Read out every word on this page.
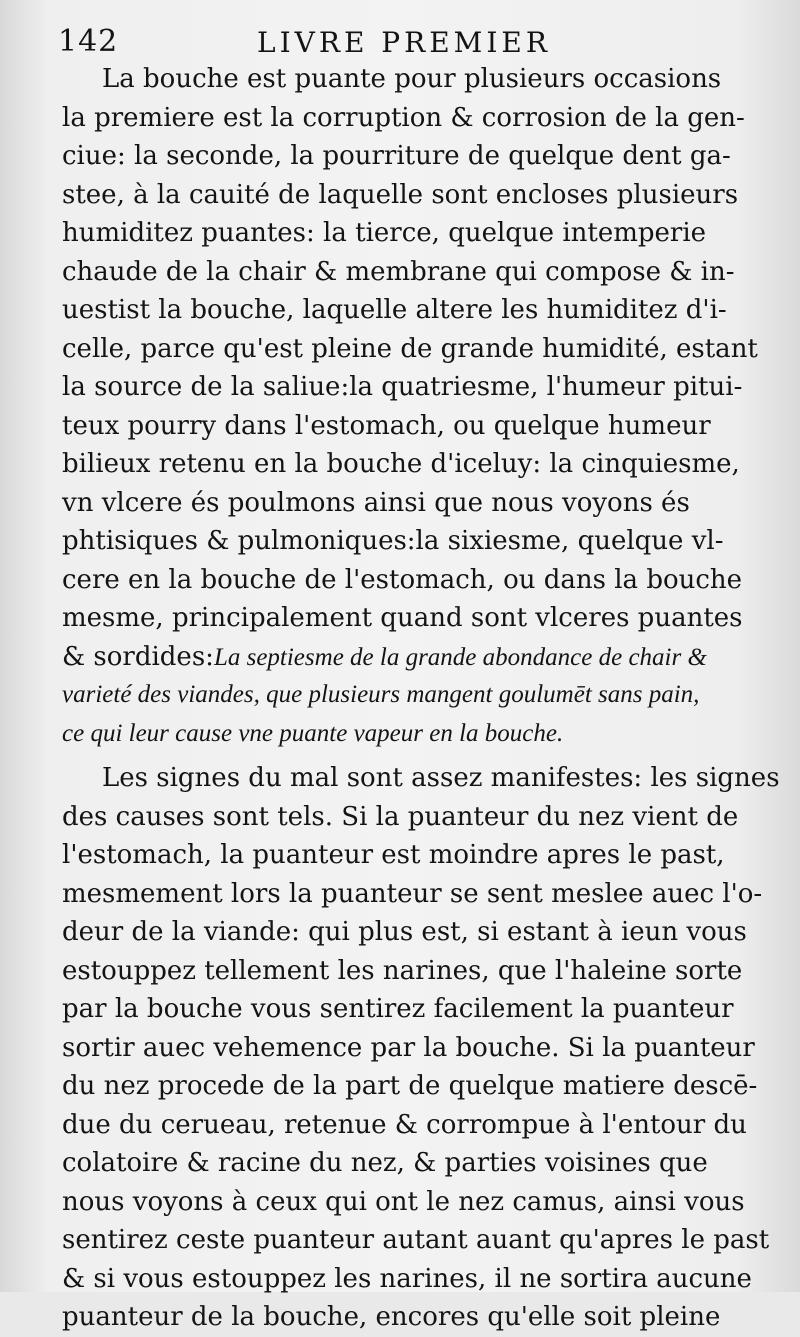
142	LIVRE PREMIER
La bouche est puante pour plusieurs occasions
la premiere est la corruption & corrosion de la gen-
ciue: la seconde, la pourriture de quelque dent ga-
stee, à la cauité de laquelle sont encloses plusieurs
humiditez puantes: la tierce, quelque intemperie
chaude de la chair & membrane qui compose & in-
uestist la bouche, laquelle altere les humiditez d'i-
celle, parce qu'est pleine de grande humidité, estant
la source de la saliue:la quatriesme, l'humeur pitui-
teux pourry dans l'estomach, ou quelque humeur
bilieux retenu en la bouche d'iceluy: la cinquiesme,
vn vlcere és poulmons ainsi que nous voyons és
phtisiques & pulmoniques:la sixiesme, quelque vl-
cere en la bouche de l'estomach, ou dans la bouche
mesme, principalement quand sont vlceres puantes
& sordides:La septiesme de la grande abondance de chair &
varieté des viandes, que plusieurs mangent goulumēt sans pain,
ce qui leur cause vne puante vapeur en la bouche.
Les signes du mal sont assez manifestes: les signes
des causes sont tels. Si la puanteur du nez vient de
l'estomach, la puanteur est moindre apres le past,
mesmement lors la puanteur se sent meslee auec l'o-
deur de la viande: qui plus est, si estant à ieun vous
estouppez tellement les narines, que l'haleine sorte
par la bouche vous sentirez facilement la puanteur
sortir auec vehemence par la bouche. Si la puanteur
du nez procede de la part de quelque matiere descē-
due du cerueau, retenue & corrompue à l'entour du
colatoire & racine du nez, & parties voisines que
nous voyons à ceux qui ont le nez camus, ainsi vous
sentirez ceste puanteur autant auant qu'apres le past
& si vous estouppez les narines, il ne sortira aucune
puanteur de la bouche, encores qu'elle soit pleine
